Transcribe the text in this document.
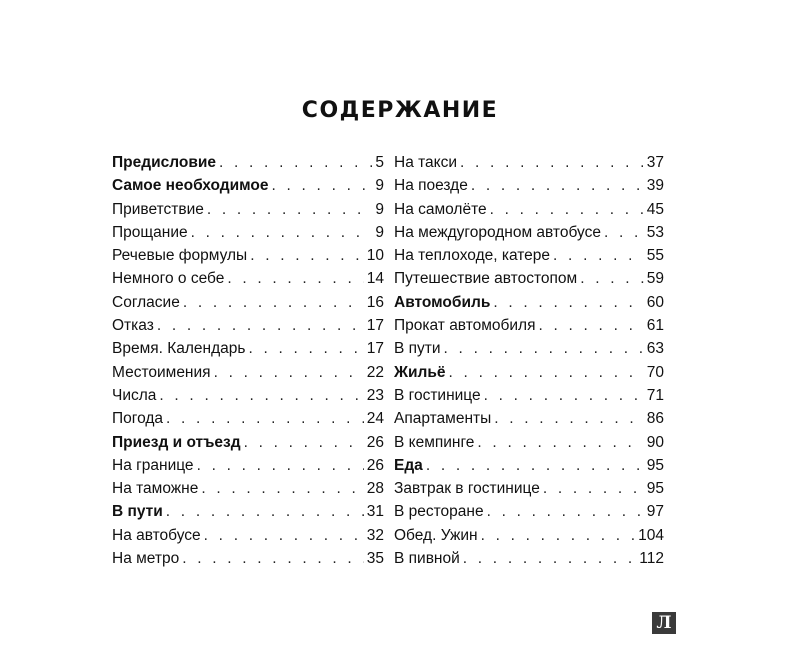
СОДЕРЖАНИЕ
Предисловие . . .	5
Самое необходимое . . .	9
Приветствие . . .	9
Прощание . . .	9
Речевые формулы . . .	10
Немного о себе . . .	14
Согласие . . .	16
Отказ . . .	17
Время. Календарь . . .	17
Местоимения . . .	22
Числа . . .	23
Погода . . .	24
Приезд и отъезд . . .	26
На границе . . .	26
На таможне . . .	28
В пути . . .	31
На автобусе . . .	32
На метро . . .	35
На такси . . .	37
На поезде . . .	39
На самолёте . . .	45
На междугородном автобусе . . .	53
На теплоходе, катере . . .	55
Путешествие автостопом . . .	59
Автомобиль . . .	60
Прокат автомобиля . . .	61
В пути . . .	63
Жильё . . .	70
В гостинице . . .	71
Апартаменты . . .	86
В кемпинге . . .	90
Еда . . .	95
Завтрак в гостинице . . .	95
В ресторане . . .	97
Обед. Ужин . . .	104
В пивной . . .	112
Л
